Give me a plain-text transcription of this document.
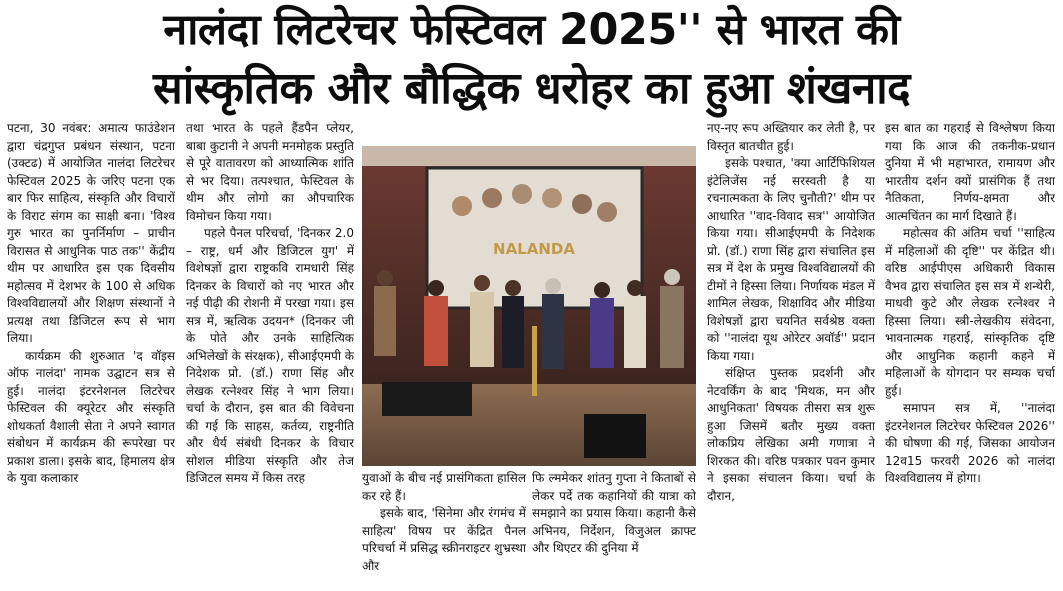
नालंदा लिटरेचर फेस्टिवल 2025'' से भारत की
सांस्कृतिक और बौद्धिक धरोहर का हुआ शंखनाद

पटना, 30 नवंबर: अमात्य फाउंडेशन द्वारा चंद्रगुप्त प्रबंधन संस्थान, पटना (उक्टढ) में आयोजित नालंदा लिटरेचर फेस्टिवल 2025 के जरिए पटना एक बार फिर साहित्य, संस्कृति और विचारों के विराट संगम का साक्षी बना। 'विश्व गुरु भारत का पुनर्निर्माण – प्राचीन विरासत से आधुनिक पाठ तक'' केंद्रीय थीम पर आधारित इस एक दिवसीय महोत्सव में देशभर के 100 से अधिक विश्वविद्यालयों और शिक्षण संस्थानों ने प्रत्यक्ष तथा डिजिटल रूप से भाग लिया।

कार्यक्रम की शुरुआत 'द वॉइस ऑफ नालंदा' नामक उद्घाटन सत्र से हुई। नालंदा इंटरनेशनल लिटरेचर फेस्टिवल की क्यूरेटर और संस्कृति शोधकर्ता वैशाली सेता ने अपने स्वागत संबोधन में कार्यक्रम की रूपरेखा पर प्रकाश डाला। इसके बाद, हिमालय क्षेत्र के युवा कलाकार

तथा भारत के पहले हैंडपैन प्लेयर, बाबा कुटानी ने अपनी मनमोहक प्रस्तुति से पूरे वातावरण को आध्यात्मिक शांति से भर दिया। तत्पश्चात, फेस्टिवल के थीम और लोगो का औपचारिक विमोचन किया गया।

पहले पैनल परिचर्चा, 'दिनकर 2.0 – राष्ट्र, धर्म और डिजिटल युग' में विशेषज्ञों द्वारा राष्ट्रकवि रामधारी सिंह दिनकर के विचारों को नए भारत और नई पीढ़ी की रोशनी में परखा गया। इस सत्र में, ऋत्विक उदयन* (दिनकर जी के पोते और उनके साहित्यिक अभिलेखों के संरक्षक), सीआईएमपी के निदेशक प्रो. (डॉ.) राणा सिंह और लेखक रत्नेश्वर सिंह ने भाग लिया। चर्चा के दौरान, इस बात की विवेचना की गई कि साहस, कर्तव्य, राष्ट्रनीति और धैर्य संबंधी दिनकर के विचार सोशल मीडिया संस्कृति और तेज डिजिटल समय में किस तरह

NALANDA

युवाओं के बीच नई प्रासंगिकता हासिल कर रहे हैं।

इसके बाद, 'सिनेमा और रंगमंच में साहित्य' विषय पर केंद्रित पैनल परिचर्चा में प्रसिद्ध स्क्रीनराइटर शुभ्रस्था और

फि ल्ममेकर शांतनु गुप्ता ने किताबों से लेकर पर्दे तक कहानियों की यात्रा को समझाने का प्रयास किया। कहानी कैसे अभिनय, निर्देशन, विजुअल क्राफ्ट और थिएटर की दुनिया में

नए-नए रूप अख्तियार कर लेती है, पर विस्तृत बातचीत हुई।

इसके पश्चात, 'क्या आर्टिफिशियल इंटेलिजेंस नई सरस्वती है या रचनात्मकता के लिए चुनौती?' थीम पर आधारित ''वाद-विवाद सत्र'' आयोजित किया गया। सीआईएमपी के निदेशक प्रो. (डॉ.) राणा सिंह द्वारा संचालित इस सत्र में देश के प्रमुख विश्वविद्यालयों की टीमों ने हिस्सा लिया। निर्णायक मंडल में शामिल लेखक, शिक्षाविद और मीडिया विशेषज्ञों द्वारा चयनित सर्वश्रेष्ठ वक्ता को ''नालंदा यूथ ओरेटर अवॉर्ड'' प्रदान किया गया।

संक्षिप्त पुस्तक प्रदर्शनी और नेटवर्किंग के बाद 'मिथक, मन और आधुनिकता' विषयक तीसरा सत्र शुरू हुआ जिसमें बतौर मुख्य वक्ता लोकप्रिय लेखिका अमी गणात्रा ने शिरकत की। वरिष्ठ पत्रकार पवन कुमार ने इसका संचालन किया। चर्चा के दौरान,

इस बात का गहराई से विश्लेषण किया गया कि आज की तकनीक-प्रधान दुनिया में भी महाभारत, रामायण और भारतीय दर्शन क्यों प्रासंगिक हैं तथा नैतिकता, निर्णय-क्षमता और आत्मचिंतन का मार्ग दिखाते हैं।

महोत्सव की अंतिम चर्चा ''साहित्य में महिलाओं की दृष्टि'' पर केंद्रित थी। वरिष्ठ आईपीएस अधिकारी विकास वैभव द्वारा संचालित इस सत्र में शन्थेरी, माधवी कुटे और लेखक रत्नेश्वर ने हिस्सा लिया। स्त्री-लेखकीय संवेदना, भावनात्मक गहराई, सांस्कृतिक दृष्टि और आधुनिक कहानी कहने में महिलाओं के योगदान पर सम्यक चर्चा हुई।

समापन सत्र में, ''नालंदा इंटरनेशनल लिटरेचर फेस्टिवल 2026'' की घोषणा की गई, जिसका आयोजन 12व15 फरवरी 2026 को नालंदा विश्वविद्यालय में होगा।
